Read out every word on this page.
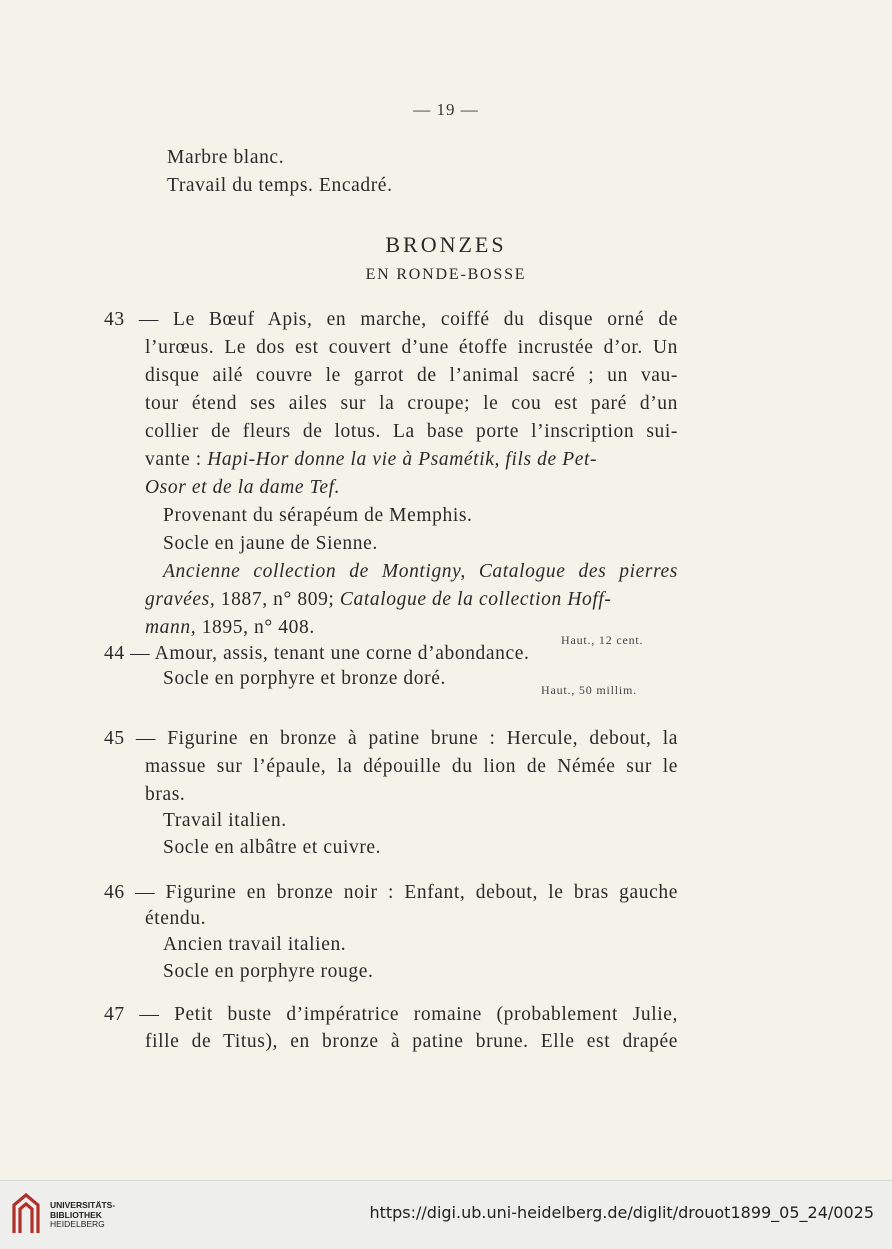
— 19 —
Marbre blanc.
Travail du temps. Encadré.
BRONZES
EN RONDE-BOSSE
43 — Le Bœuf Apis, en marche, coiffé du disque orné de
l’urœus. Le dos est couvert d’une étoffe incrustée d’or. Un
disque ailé couvre le garrot de l’animal sacré ; un vau-
tour étend ses ailes sur la croupe; le cou est paré d’un
collier de fleurs de lotus. La base porte l’inscription sui-
vante : Hapi-Hor donne la vie à Psamétik, fils de Pet-
Osor et de la dame Tef.
Provenant du sérapéum de Memphis.
Socle en jaune de Sienne.
Ancienne collection de Montigny, Catalogue des pierres
gravées, 1887, n° 809; Catalogue de la collection Hoff-
mann, 1895, n° 408.
Haut., 12 cent.
44 — Amour, assis, tenant une corne d’abondance.
Socle en porphyre et bronze doré.
Haut., 50 millim.
45 — Figurine en bronze à patine brune : Hercule, debout, la
massue sur l’épaule, la dépouille du lion de Némée sur le
bras.
Travail italien.
Socle en albâtre et cuivre.
46 — Figurine en bronze noir : Enfant, debout, le bras gauche
étendu.
Ancien travail italien.
Socle en porphyre rouge.
47 — Petit buste d’impératrice romaine (probablement Julie,
fille de Titus), en bronze à patine brune. Elle est drapée
UNIVERSITÄTS-
BIBLIOTHEK
HEIDELBERG
https://digi.ub.uni-heidelberg.de/diglit/drouot1899_05_24/0025
